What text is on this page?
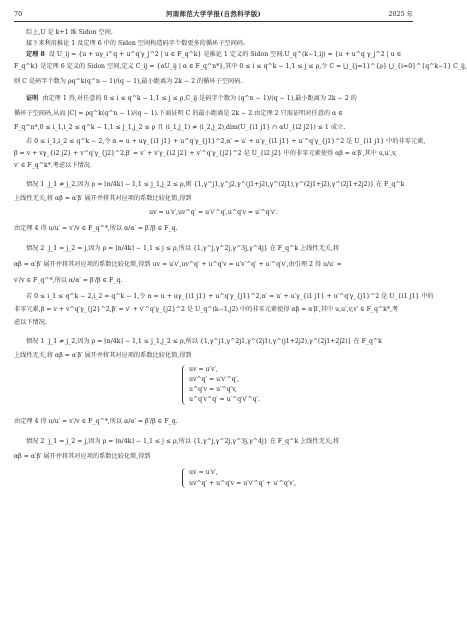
70	河南师范大学学报(自然科学版)	2025 年
综上,U 是 k+1 维 Sidon 空间.
接下来利用推论 1 及定理 6 中的 Sidon 空间构造码字个数更多的循环子空间码.
定理 8 设 U_ij = {u + uγ_i^q + u^q′γ_j^2 | u ∈ F_q^k} 是推论 1 定义的 Sidon 空间.U_q^(k−1,ij) = {u + u^q γ_j^2 | u ∈
F_q^k} 是定理 6 定义的 Sidon 空间,定义 C_ij = {αU_ij | α ∈ F_q^n*},其中 0 ≤ i ≤ q^k − 1,1 ≤ j ≤ ρ,令 C = ⋃_{j=1}^{ρ} ⋃_{i=0}^{q^k−1} C_ij,
则 C 是码字个数为 ρq^k(q^n − 1)/(q − 1),最小距离为 2k − 2 的循环子空间码.
证明 由定理 1 得,对任意的 0 ≤ i ≤ q^k − 1,1 ≤ j ≤ ρ,C_ij 是码字个数为 (q^n − 1)/(q − 1),最小距离为 2k − 2 的
循环子空间码,从而 |C| = ρq^k(q^n − 1)/(q − 1).下面证明 C 的最小距离是 2k − 2.由定理 2 只需证明对任意的 α ∈
F_q^n*,0 ≤ i_1,i_2 ≤ q^k − 1,1 ≤ j_1,j_2 ≤ ρ 且 (i_1,j_1) ≠ (i_2,j_2),dim(U_{i1 j1} ∩ αU_{i2 j2}) ≤ 1 成立.
若 0 ≤ i_1,i_2 ≤ q^k − 2,令 α = u + uγ_{i1 j1} + u^q′γ_{j1}^2,α′ = u′ + u′γ_{i1 j1} + u′^q′γ_{j1}^2 是 U_{i1 j1} 中的非零元素,
β = v + vγ_{i2 j2} + v^q′γ_{j2}^2,β′ = v′ + v′γ_{i2 j2} + v′^q′γ_{j2}^2 是 U_{i2 j2} 中的非零元素使得 αβ = α′β′,其中 u,u′,v,
v′ ∈ F_q^k*.考虑以下情况.
情况 1 j_1 ≠ j_2,因为 ρ = ⌈n/4k⌉ − 1,1 ≤ j_1,j_2 ≤ ρ,则 {1,γ^j1,γ^j2,γ^(j1+j2),γ^(2j1),γ^(2j1+j2),γ^(2j1+2j2)} 在 F_q^k
上线性无关,将 αβ = α′β′ 展开并将其对应项的系数比较化简,得到
uv = u′v′,uv^q′ = u′v′^q′,u^q′v = u′^q′v′.
由定理 4 得 u/u′ = v′/v ∈ F_q^*,所以 α/α′ = β′/β ∈ F_q.
情况 2 j_1 = j_2 = j,因为 ρ = ⌈n/4k⌉ − 1,1 ≤ j ≤ ρ,所以 {1,γ^j,γ^2j,γ^3j,γ^4j} 在 F_q^k 上线性无关,将
αβ = α′β′ 展开并将其对应项的系数比较化简,得到 uv = u′v′,uv^q′ + u^q′v = u′v′^q′ + u′^q′v′,由引理 2 得 u/u′ =
v′/v ∈ F_q^*,所以 α/α′ = β′/β ∈ F_q.
若 0 ≤ i_1 ≤ q^k − 2,i_2 = q^k − 1,令 α = u + uγ_{i1 j1} + u^q′γ_{j1}^2,α′ = u′ + u′γ_{i1 j1} + u′^q′γ_{j1}^2 是 U_{i1 j1} 中的
非零元素,β = v + v^q′γ_{j2}^2,β′ = v′ + v′^q′γ_{j2}^2 是 U_q^(k−1,j2) 中的非零元素使得 αβ = α′β′,其中 u,u′,v,v′ ∈ F_q^k*,考
虑以下情况.
情况 1 j_1 ≠ j_2,因为 ρ = ⌈n/4k⌉ − 1,1 ≤ j_1,j_2 ≤ ρ,所以 {1,γ^j1,γ^2j1,γ^(2j1),γ^(j1+2j2),γ^(2j1+2j2)} 在 F_q^k
上线性无关,将 αβ = α′β′ 展开并将其对应项的系数比较化简,得到
uv = u′v′,
uv^q′ = u′v′^q′,
u^q′v = u′^q′v,
u^q′v^q′ = u′^q′v′^q′.
由定理 4 得 u/u′ = v′/v ∈ F_q^*,所以 α/α′ = β′/β ∈ F_q.
情况 2 j_1 = j_2 = j,因为 ρ = ⌈n/4k⌉ − 1,1 ≤ j ≤ ρ,所以 {1,γ^j,γ^2j,γ^3j,γ^4j} 在 F_q^k 上线性无关,将
αβ = α′β′ 展开并将其对应项的系数比较化简,得到
uv = u′v′,
uv^q′ + u^q′v = u′v′^q′ + u′^q′v′,
